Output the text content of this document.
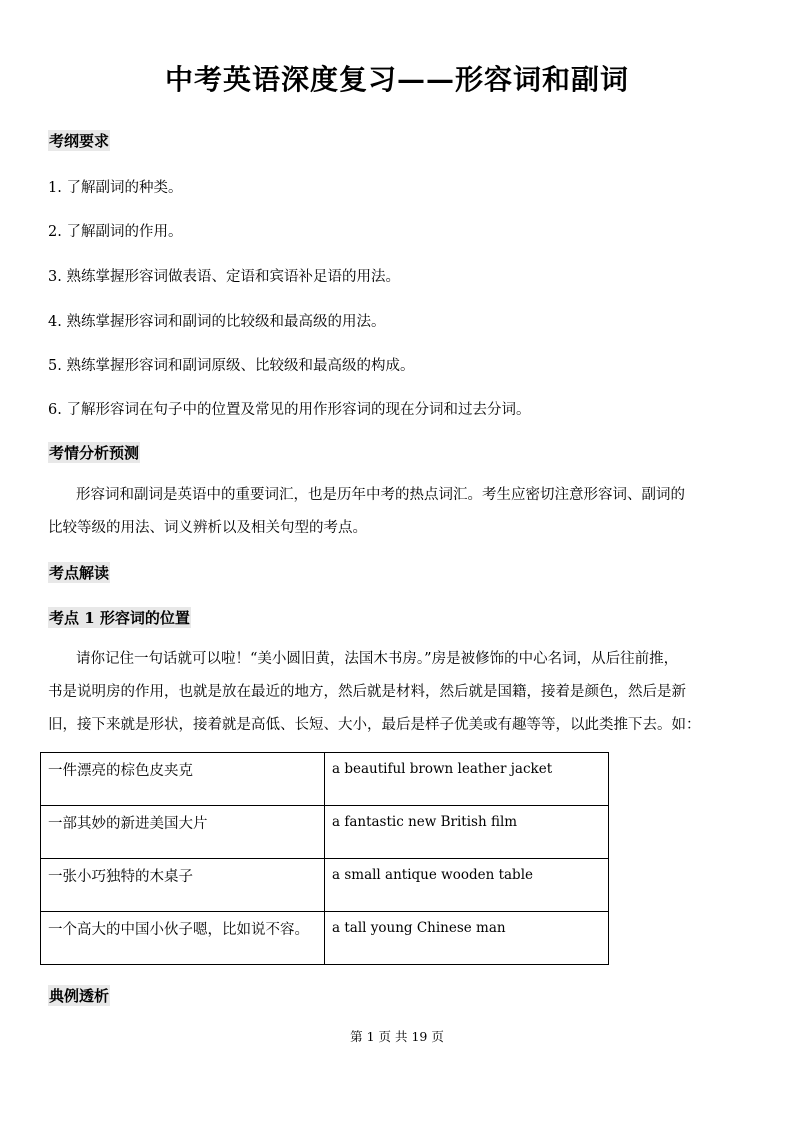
中考英语深度复习——形容词和副词
考纲要求
1. 了解副词的种类。
2. 了解副词的作用。
3. 熟练掌握形容词做表语、定语和宾语补足语的用法。
4. 熟练掌握形容词和副词的比较级和最高级的用法。
5. 熟练掌握形容词和副词原级、比较级和最高级的构成。
6. 了解形容词在句子中的位置及常见的用作形容词的现在分词和过去分词。
考情分析预测
形容词和副词是英语中的重要词汇，也是历年中考的热点词汇。考生应密切注意形容词、副词的
比较等级的用法、词义辨析以及相关句型的考点。
考点解读
考点 1 形容词的位置
请你记住一句话就可以啦！“美小圆旧黄，法国木书房。”房是被修饰的中心名词，从后往前推，
书是说明房的作用，也就是放在最近的地方，然后就是材料，然后就是国籍，接着是颜色，然后是新
旧，接下来就是形状，接着就是高低、长短、大小，最后是样子优美或有趣等等，以此类推下去。如：
一件漂亮的棕色皮夹克	a beautiful brown leather jacket
一部其妙的新进美国大片	a fantastic new British film
一张小巧独特的木桌子	a small antique wooden table
一个高大的中国小伙子嗯，比如说不容。	a tall young Chinese man
典例透析
第 1 页 共 19 页
